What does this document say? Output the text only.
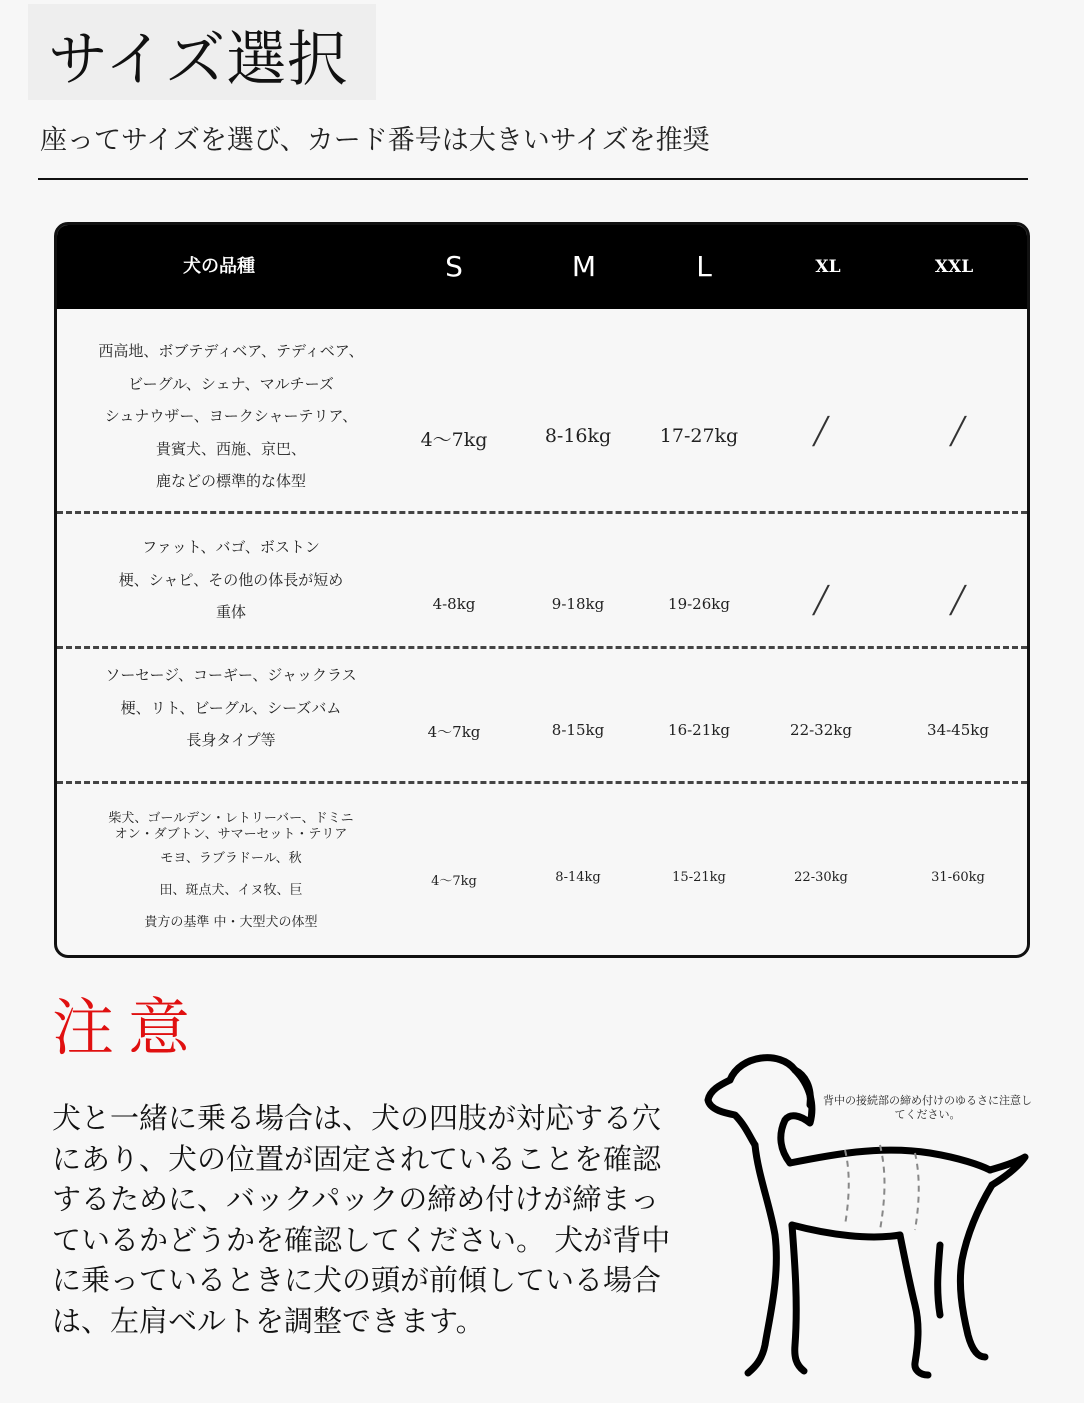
サイズ選択
座ってサイズを選び、カード番号は大きいサイズを推奨
犬の品種	S	M	L	XL	XXL
西高地、ボブテディベア、テディベア、
ビーグル、シェナ、マルチーズ
シュナウザー、ヨークシャーテリア、
貴賓犬、西施、京巴、
鹿などの標準的な体型
4〜7kg	8-16kg	17-27kg	╱	╱
ファット、バゴ、ボストン
梗、シャピ、その他の体長が短め
重体	4-8kg	9-18kg	19-26kg	╱	╱
ソーセージ、コーギー、ジャックラス
梗、リト、ビーグル、シーズバム
長身タイプ等	4〜7kg	8-15kg	16-21kg	22-32kg	34-45kg
柴犬、ゴールデン・レトリーバー、ドミニ
オン・ダブトン、サマーセット・テリア
モヨ、ラブラドール、秋
田、斑点犬、イヌ牧、巨
貴方の基準 中・大型犬の体型
4〜7kg	8-14kg	15-21kg	22-30kg	31-60kg
注意
犬と一緒に乗る場合は、犬の四肢が対応する穴
にあり、犬の位置が固定されていることを確認
するために、バックパックの締め付けが締まっ
ているかどうかを確認してください。 犬が背中
に乗っているときに犬の頭が前傾している場合
は、左肩ベルトを調整できます。
背中の接続部の締め付けのゆるさに注意してください。
